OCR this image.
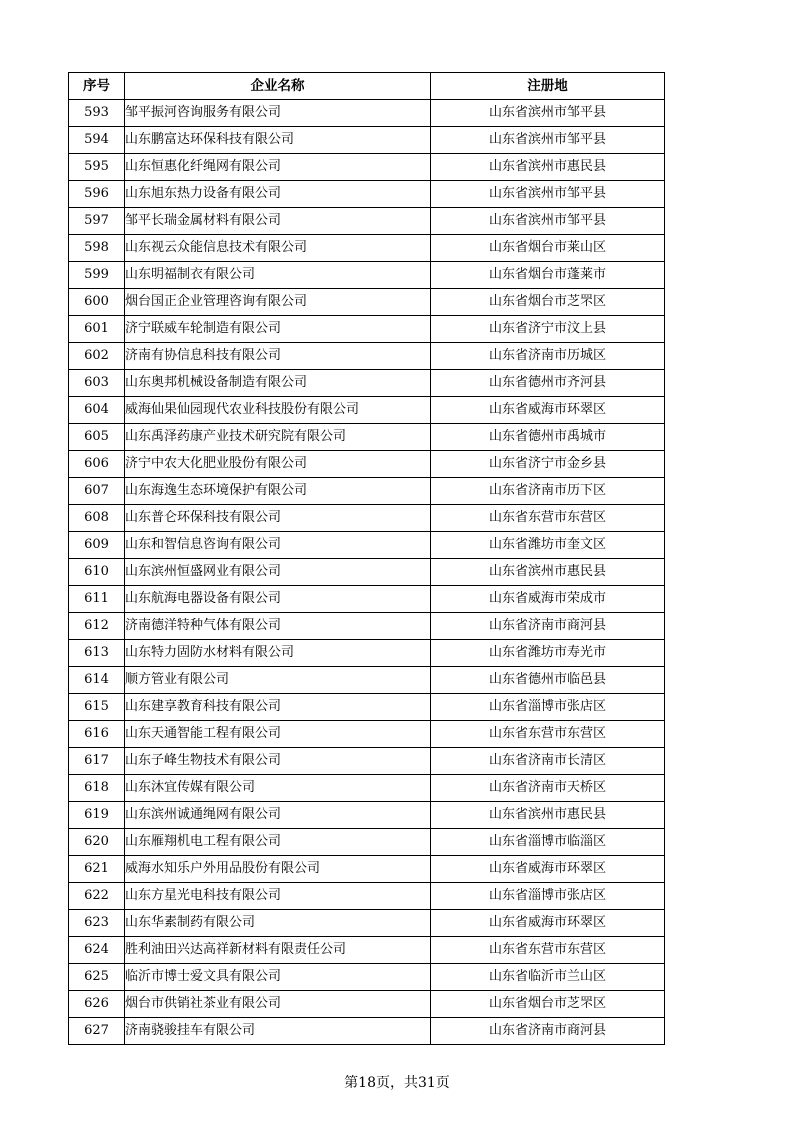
序号	企业名称	注册地
593	邹平振河咨询服务有限公司	山东省滨州市邹平县
594	山东鹏富达环保科技有限公司	山东省滨州市邹平县
595	山东恒惠化纤绳网有限公司	山东省滨州市惠民县
596	山东旭东热力设备有限公司	山东省滨州市邹平县
597	邹平长瑞金属材料有限公司	山东省滨州市邹平县
598	山东视云众能信息技术有限公司	山东省烟台市莱山区
599	山东明福制衣有限公司	山东省烟台市蓬莱市
600	烟台国正企业管理咨询有限公司	山东省烟台市芝罘区
601	济宁联威车轮制造有限公司	山东省济宁市汶上县
602	济南有协信息科技有限公司	山东省济南市历城区
603	山东奥邦机械设备制造有限公司	山东省德州市齐河县
604	威海仙果仙园现代农业科技股份有限公司	山东省威海市环翠区
605	山东禹泽药康产业技术研究院有限公司	山东省德州市禹城市
606	济宁中农大化肥业股份有限公司	山东省济宁市金乡县
607	山东海逸生态环境保护有限公司	山东省济南市历下区
608	山东普仑环保科技有限公司	山东省东营市东营区
609	山东和智信息咨询有限公司	山东省潍坊市奎文区
610	山东滨州恒盛网业有限公司	山东省滨州市惠民县
611	山东航海电器设备有限公司	山东省威海市荣成市
612	济南德洋特种气体有限公司	山东省济南市商河县
613	山东特力固防水材料有限公司	山东省潍坊市寿光市
614	顺方管业有限公司	山东省德州市临邑县
615	山东建享教育科技有限公司	山东省淄博市张店区
616	山东天通智能工程有限公司	山东省东营市东营区
617	山东子峰生物技术有限公司	山东省济南市长清区
618	山东沐宜传媒有限公司	山东省济南市天桥区
619	山东滨州诚通绳网有限公司	山东省滨州市惠民县
620	山东雁翔机电工程有限公司	山东省淄博市临淄区
621	威海水知乐户外用品股份有限公司	山东省威海市环翠区
622	山东方星光电科技有限公司	山东省淄博市张店区
623	山东华素制药有限公司	山东省威海市环翠区
624	胜利油田兴达高祥新材料有限责任公司	山东省东营市东营区
625	临沂市博士爱文具有限公司	山东省临沂市兰山区
626	烟台市供销社茶业有限公司	山东省烟台市芝罘区
627	济南骁骏挂车有限公司	山东省济南市商河县
第18页，共31页
